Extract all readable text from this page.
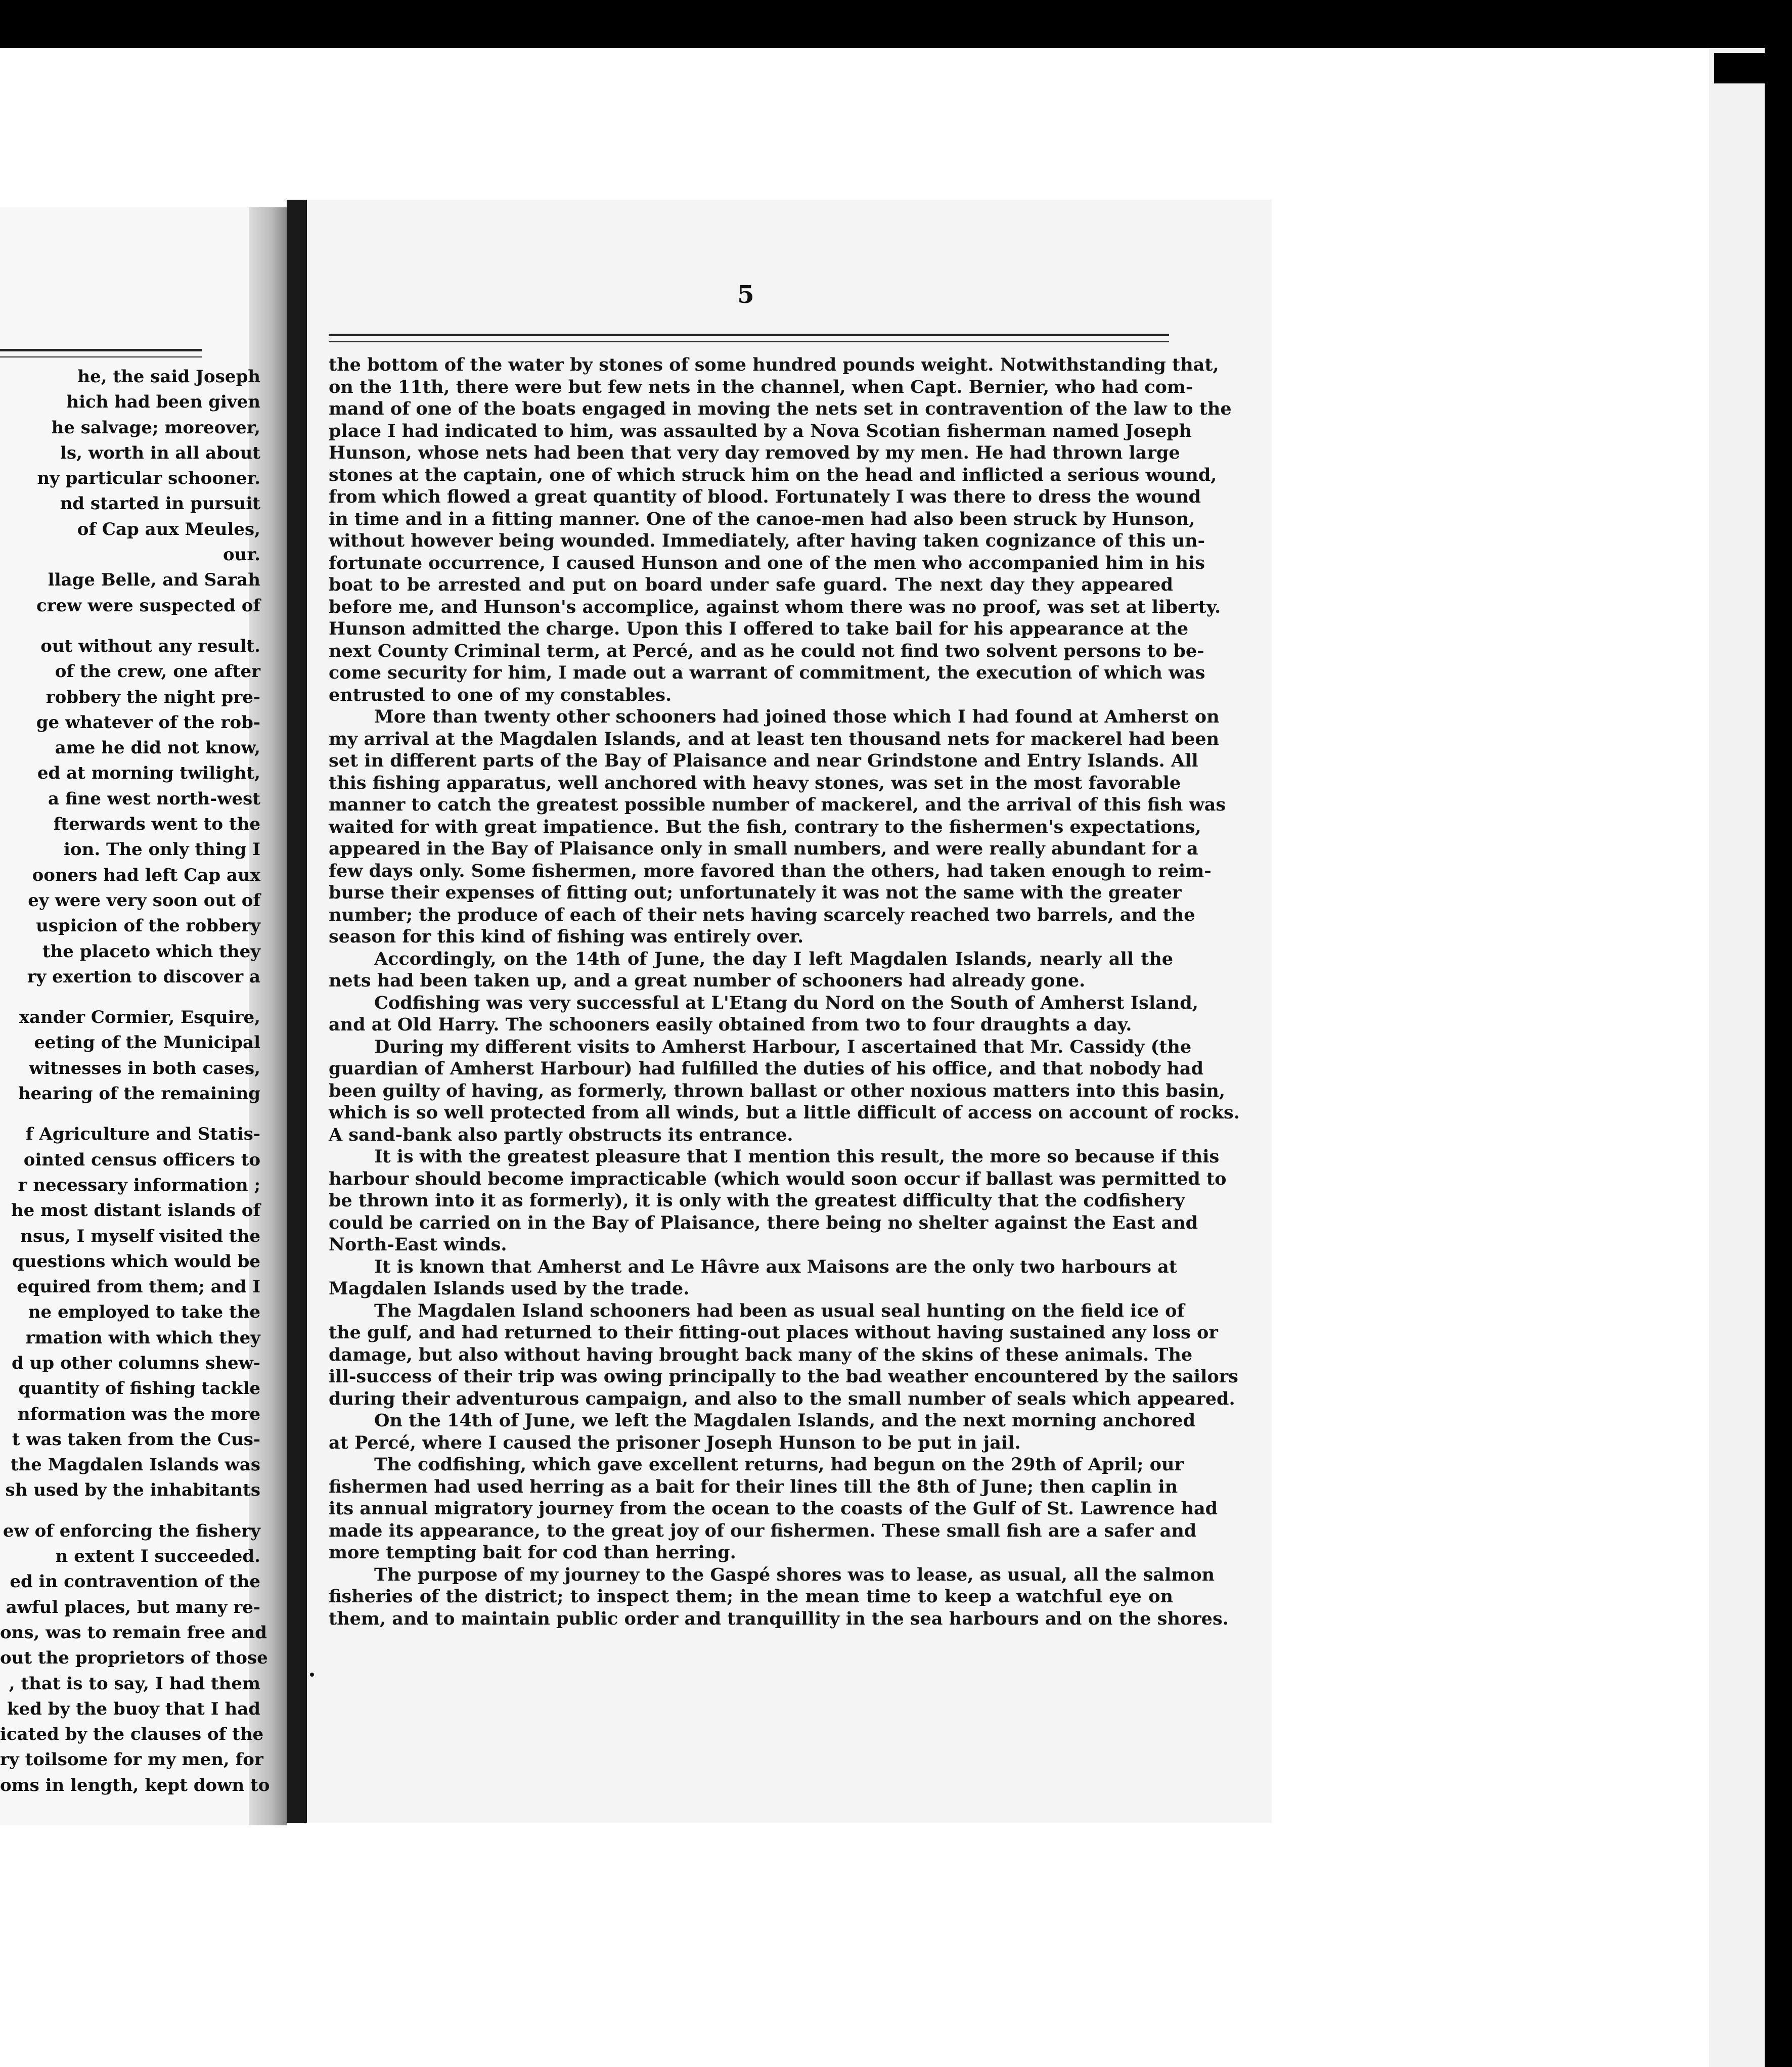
he, the said Joseph
hich had been given
he salvage; moreover,
ls, worth in all about
ny particular schooner.
nd started in pursuit
of Cap aux Meules,
our.
llage Belle, and Sarah
crew were suspected of
out without any result.
of the crew, one after
robbery the night pre-
ge whatever of the rob-
ame he did not know,
ed at morning twilight,
a fine west north-west
fterwards went to the
ion. The only thing I
ooners had left Cap aux
ey were very soon out of
uspicion of the robbery
the placeto which they
ry exertion to discover a
xander Cormier, Esquire,
eeting of the Municipal
witnesses in both cases,
hearing of the remaining
f Agriculture and Statis-
ointed census officers to
r necessary information ;
he most distant islands of
nsus, I myself visited the
questions which would be
equired from them; and I
ne employed to take the
rmation with which they
d up other columns shew-
quantity of fishing tackle
nformation was the more
t was taken from the Cus-
the Magdalen Islands was
sh used by the inhabitants
ew of enforcing the fishery
n extent I succeeded.
ed in contravention of the
awful places, but many re-
ons, was to remain free and
out the proprietors of those
, that is to say, I had them
ked by the buoy that I had
icated by the clauses of the
ry toilsome for my men, for
oms in length, kept down to
5
the bottom of the water by stones of some hundred pounds weight. Notwithstanding that,
on the 11th, there were but few nets in the channel, when Capt. Bernier, who had com-
mand of one of the boats engaged in moving the nets set in contravention of the law to the
place I had indicated to him, was assaulted by a Nova Scotian fisherman named Joseph
Hunson, whose nets had been that very day removed by my men. He had thrown large
stones at the captain, one of which struck him on the head and inflicted a serious wound,
from which flowed a great quantity of blood. Fortunately I was there to dress the wound
in time and in a fitting manner. One of the canoe-men had also been struck by Hunson,
without however being wounded. Immediately, after having taken cognizance of this un-
fortunate occurrence, I caused Hunson and one of the men who accompanied him in his
boat to be arrested and put on board under safe guard. The next day they appeared
before me, and Hunson's accomplice, against whom there was no proof, was set at liberty.
Hunson admitted the charge. Upon this I offered to take bail for his appearance at the
next County Criminal term, at Percé, and as he could not find two solvent persons to be-
come security for him, I made out a warrant of commitment, the execution of which was
entrusted to one of my constables.
More than twenty other schooners had joined those which I had found at Amherst on
my arrival at the Magdalen Islands, and at least ten thousand nets for mackerel had been
set in different parts of the Bay of Plaisance and near Grindstone and Entry Islands. All
this fishing apparatus, well anchored with heavy stones, was set in the most favorable
manner to catch the greatest possible number of mackerel, and the arrival of this fish was
waited for with great impatience. But the fish, contrary to the fishermen's expectations,
appeared in the Bay of Plaisance only in small numbers, and were really abundant for a
few days only. Some fishermen, more favored than the others, had taken enough to reim-
burse their expenses of fitting out; unfortunately it was not the same with the greater
number; the produce of each of their nets having scarcely reached two barrels, and the
season for this kind of fishing was entirely over.
Accordingly, on the 14th of June, the day I left Magdalen Islands, nearly all the
nets had been taken up, and a great number of schooners had already gone.
Codfishing was very successful at L'Etang du Nord on the South of Amherst Island,
and at Old Harry. The schooners easily obtained from two to four draughts a day.
During my different visits to Amherst Harbour, I ascertained that Mr. Cassidy (the
guardian of Amherst Harbour) had fulfilled the duties of his office, and that nobody had
been guilty of having, as formerly, thrown ballast or other noxious matters into this basin,
which is so well protected from all winds, but a little difficult of access on account of rocks.
A sand-bank also partly obstructs its entrance.
It is with the greatest pleasure that I mention this result, the more so because if this
harbour should become impracticable (which would soon occur if ballast was permitted to
be thrown into it as formerly), it is only with the greatest difficulty that the codfishery
could be carried on in the Bay of Plaisance, there being no shelter against the East and
North-East winds.
It is known that Amherst and Le Hâvre aux Maisons are the only two harbours at
Magdalen Islands used by the trade.
The Magdalen Island schooners had been as usual seal hunting on the field ice of
the gulf, and had returned to their fitting-out places without having sustained any loss or
damage, but also without having brought back many of the skins of these animals. The
ill-success of their trip was owing principally to the bad weather encountered by the sailors
during their adventurous campaign, and also to the small number of seals which appeared.
On the 14th of June, we left the Magdalen Islands, and the next morning anchored
at Percé, where I caused the prisoner Joseph Hunson to be put in jail.
The codfishing, which gave excellent returns, had begun on the 29th of April; our
fishermen had used herring as a bait for their lines till the 8th of June; then caplin in
its annual migratory journey from the ocean to the coasts of the Gulf of St. Lawrence had
made its appearance, to the great joy of our fishermen. These small fish are a safer and
more tempting bait for cod than herring.
The purpose of my journey to the Gaspé shores was to lease, as usual, all the salmon
fisheries of the district; to inspect them; in the mean time to keep a watchful eye on
them, and to maintain public order and tranquillity in the sea harbours and on the shores.
